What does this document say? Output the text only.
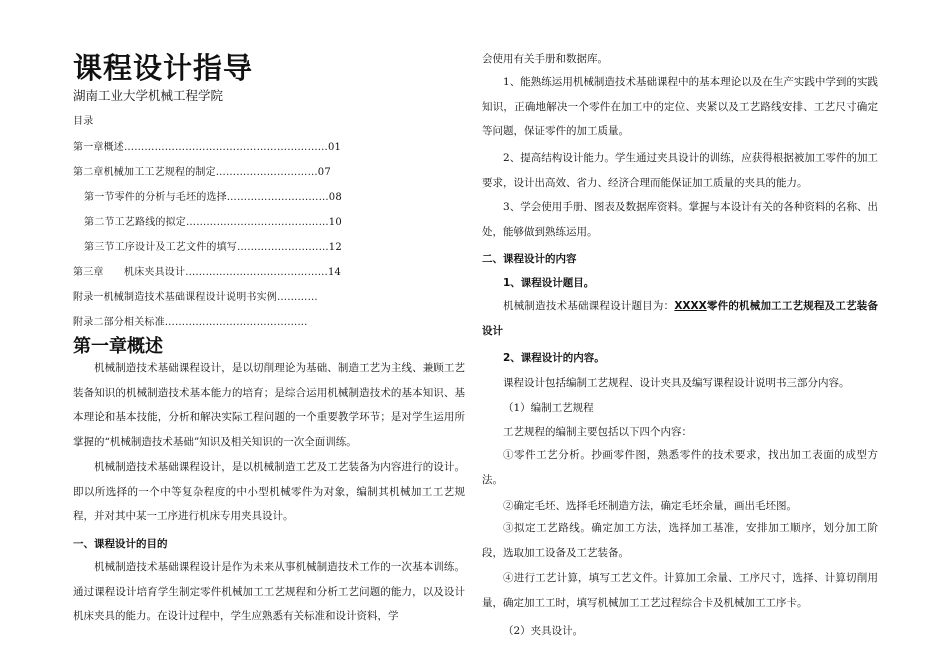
课程设计指导
湖南工业大学机械工程学院
目录
第一章概述……………………………………………………01
第二章机械加工工艺规程的制定…………………………07
第一节零件的分析与毛坯的选择…………………………08
第二节工艺路线的拟定……………………………………10
第三节工序设计及工艺文件的填写………………………12
第三章　　机床夹具设计……………………………………14
附录一机械制造技术基础课程设计说明书实例…………
附录二部分相关标准……………………………………
第一章概述
机械制造技术基础课程设计，是以切削理论为基础、制造工艺为主线、兼顾工艺装备知识的机械制造技术基本能力的培育；是综合运用机械制造技术的基本知识、基本理论和基本技能，分析和解决实际工程问题的一个重要教学环节；是对学生运用所掌握的“机械制造技术基础”知识及相关知识的一次全面训练。
机械制造技术基础课程设计，是以机械制造工艺及工艺装备为内容进行的设计。即以所选择的一个中等复杂程度的中小型机械零件为对象，编制其机械加工工艺规程，并对其中某一工序进行机床专用夹具设计。
一、课程设计的目的
机械制造技术基础课程设计是作为未来从事机械制造技术工作的一次基本训练。通过课程设计培育学生制定零件机械加工工艺规程和分析工艺问题的能力，以及设计机床夹具的能力。在设计过程中，学生应熟悉有关标准和设计资料，学
会使用有关手册和数据库。
1、能熟练运用机械制造技术基础课程中的基本理论以及在生产实践中学到的实践知识，正确地解决一个零件在加工中的定位、夹紧以及工艺路线安排、工艺尺寸确定等问题，保证零件的加工质量。
2、提高结构设计能力。学生通过夹具设计的训练，应获得根据被加工零件的加工要求，设计出高效、省力、经济合理而能保证加工质量的夹具的能力。
3、学会使用手册、图表及数据库资料。掌握与本设计有关的各种资料的名称、出处，能够做到熟练运用。
二、课程设计的内容
1、课程设计题目。
机械制造技术基础课程设计题目为：XXXX零件的机械加工工艺规程及工艺装备设计
2、课程设计的内容。
课程设计包括编制工艺规程、设计夹具及编写课程设计说明书三部分内容。
（1）编制工艺规程
工艺规程的编制主要包括以下四个内容：
①零件工艺分析。抄画零件图，熟悉零件的技术要求，找出加工表面的成型方法。
②确定毛坯、选择毛坯制造方法，确定毛坯余量，画出毛坯图。
③拟定工艺路线。确定加工方法，选择加工基准，安排加工顺序，划分加工阶段，选取加工设备及工艺装备。
④进行工艺计算，填写工艺文件。计算加工余量、工序尺寸，选择、计算切削用量，确定加工工时，填写机械加工工艺过程综合卡及机械加工工序卡。
（2）夹具设计。
